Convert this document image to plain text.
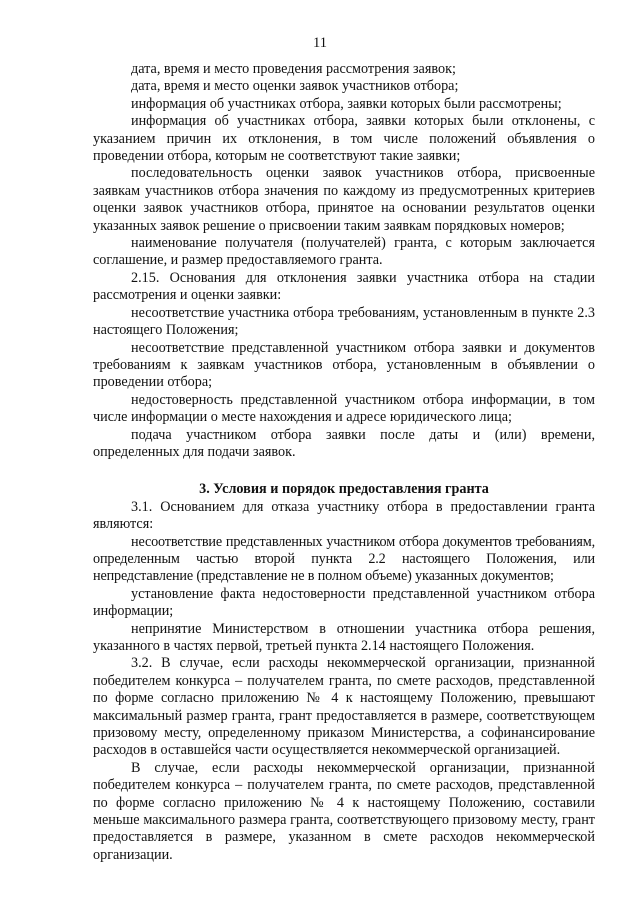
11

дата, время и место проведения рассмотрения заявок;

дата, время и место оценки заявок участников отбора;

информация об участниках отбора, заявки которых были рассмотрены;

информация об участниках отбора, заявки которых были отклонены, с указанием причин их отклонения, в том числе положений объявления о проведении отбора, которым не соответствуют такие заявки;

последовательность оценки заявок участников отбора, присвоенные заявкам участников отбора значения по каждому из предусмотренных критериев оценки заявок участников отбора, принятое на основании результатов оценки указанных заявок решение о присвоении таким заявкам порядковых номеров;

наименование получателя (получателей) гранта, с которым заключается соглашение, и размер предоставляемого гранта.

2.15. Основания для отклонения заявки участника отбора на стадии рассмотрения и оценки заявки:

несоответствие участника отбора требованиям, установленным в пункте 2.3 настоящего Положения;

несоответствие представленной участником отбора заявки и документов требованиям к заявкам участников отбора, установленным в объявлении о проведении отбора;

недостоверность представленной участником отбора информации, в том числе информации о месте нахождения и адресе юридического лица;

подача участником отбора заявки после даты и (или) времени, определенных для подачи заявок.

3. Условия и порядок предоставления гранта

3.1. Основанием для отказа участнику отбора в предоставлении гранта являются:

несоответствие представленных участником отбора документов требованиям, определенным частью второй пункта 2.2 настоящего Положения, или непредставление (представление не в полном объеме) указанных документов;

установление факта недостоверности представленной участником отбора информации;

непринятие Министерством в отношении участника отбора решения, указанного в частях первой, третьей пункта 2.14 настоящего Положения.

3.2. В случае, если расходы некоммерческой организации, признанной победителем конкурса – получателем гранта, по смете расходов, представленной по форме согласно приложению № 4 к настоящему Положению, превышают максимальный размер гранта, грант предоставляется в размере, соответствующем призовому месту, определенному приказом Министерства, а софинансирование расходов в оставшейся части осуществляется некоммерческой организацией.

В случае, если расходы некоммерческой организации, признанной победителем конкурса – получателем гранта, по смете расходов, представленной по форме согласно приложению № 4 к настоящему Положению, составили меньше максимального размера гранта, соответствующего призовому месту, грант предоставляется в размере, указанном в смете расходов некоммерческой организации.
